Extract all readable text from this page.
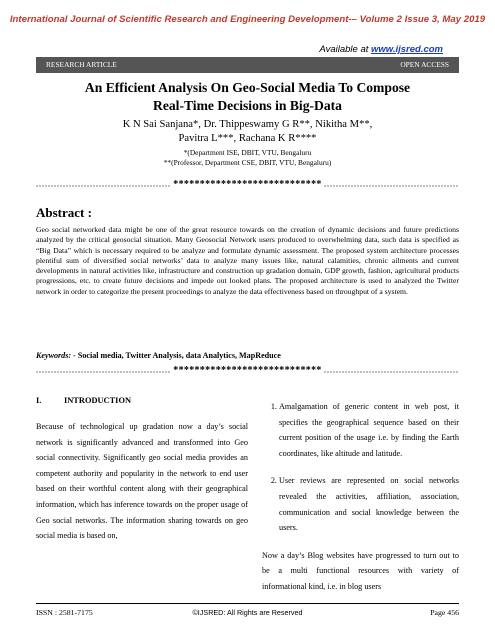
International Journal of Scientific Research and Engineering Development-– Volume 2 Issue 3, May 2019
Available at www.ijsred.com
RESEARCH ARTICLE	OPEN ACCESS
An Efficient Analysis On Geo-Social Media To Compose
Real-Time Decisions in Big-Data
K N Sai Sanjana*, Dr. Thippeswamy G R**, Nikitha M**,
Pavitra L***, Rachana K R****
*(Department ISE, DBIT, VTU, Bengaluru
**(Professor, Department CSE, DBIT, VTU, Bengaluru)
****************************
Abstract :
Geo social networked data might be one of the great resource towards on the creation of dynamic decisions and future predictions analyzed by the critical geosocial situation. Many Geosocial Network users produced to overwhelming data, such data is specified as “Big Data” which is necessary required to be analyze and formulate dynamic assessment. The proposed system architecture processes plentiful sum of diversified social networks’ data to analyze many issues like, natural calamities, chronic ailments and current developments in natural activities like, infrastructure and construction up gradation domain, GDP growth, fashion, agricultural products progressions, etc. to create future decisions and impede out looked plans. The proposed architecture is used to analyzed the Twitter network in order to categorize the present proceedings to analyze the data effectiveness based on throughput of a system.
Keywords: - Social media, Twitter Analysis, data Analytics, MapReduce
****************************
I.	INTRODUCTION
Because of technological up gradation now a day’s social network is significantly advanced and transformed into Geo social connectivity. Significantly geo social media provides an competent authority and popularity in the network to end user based on their worthful content along with their geographical information, which has inference towards on the proper usage of Geo social networks. The information sharing towards on geo social media is based on,
1. Amalgamation of generic content in web post, it specifies the geographical sequence based on their current position of the usage i.e. by finding the Earth coordinates, like altitude and latitude.
2. User reviews are represented on social networks revealed the activities, affiliation, association, communication and social knowledge between the users.

Now a day’s Blog websites have progressed to turn out to be a multi functional resources with variety of informational kind, i.e. in blog users

ISSN : 2581-7175	©IJSRED: All Rights are Reserved	Page 456
